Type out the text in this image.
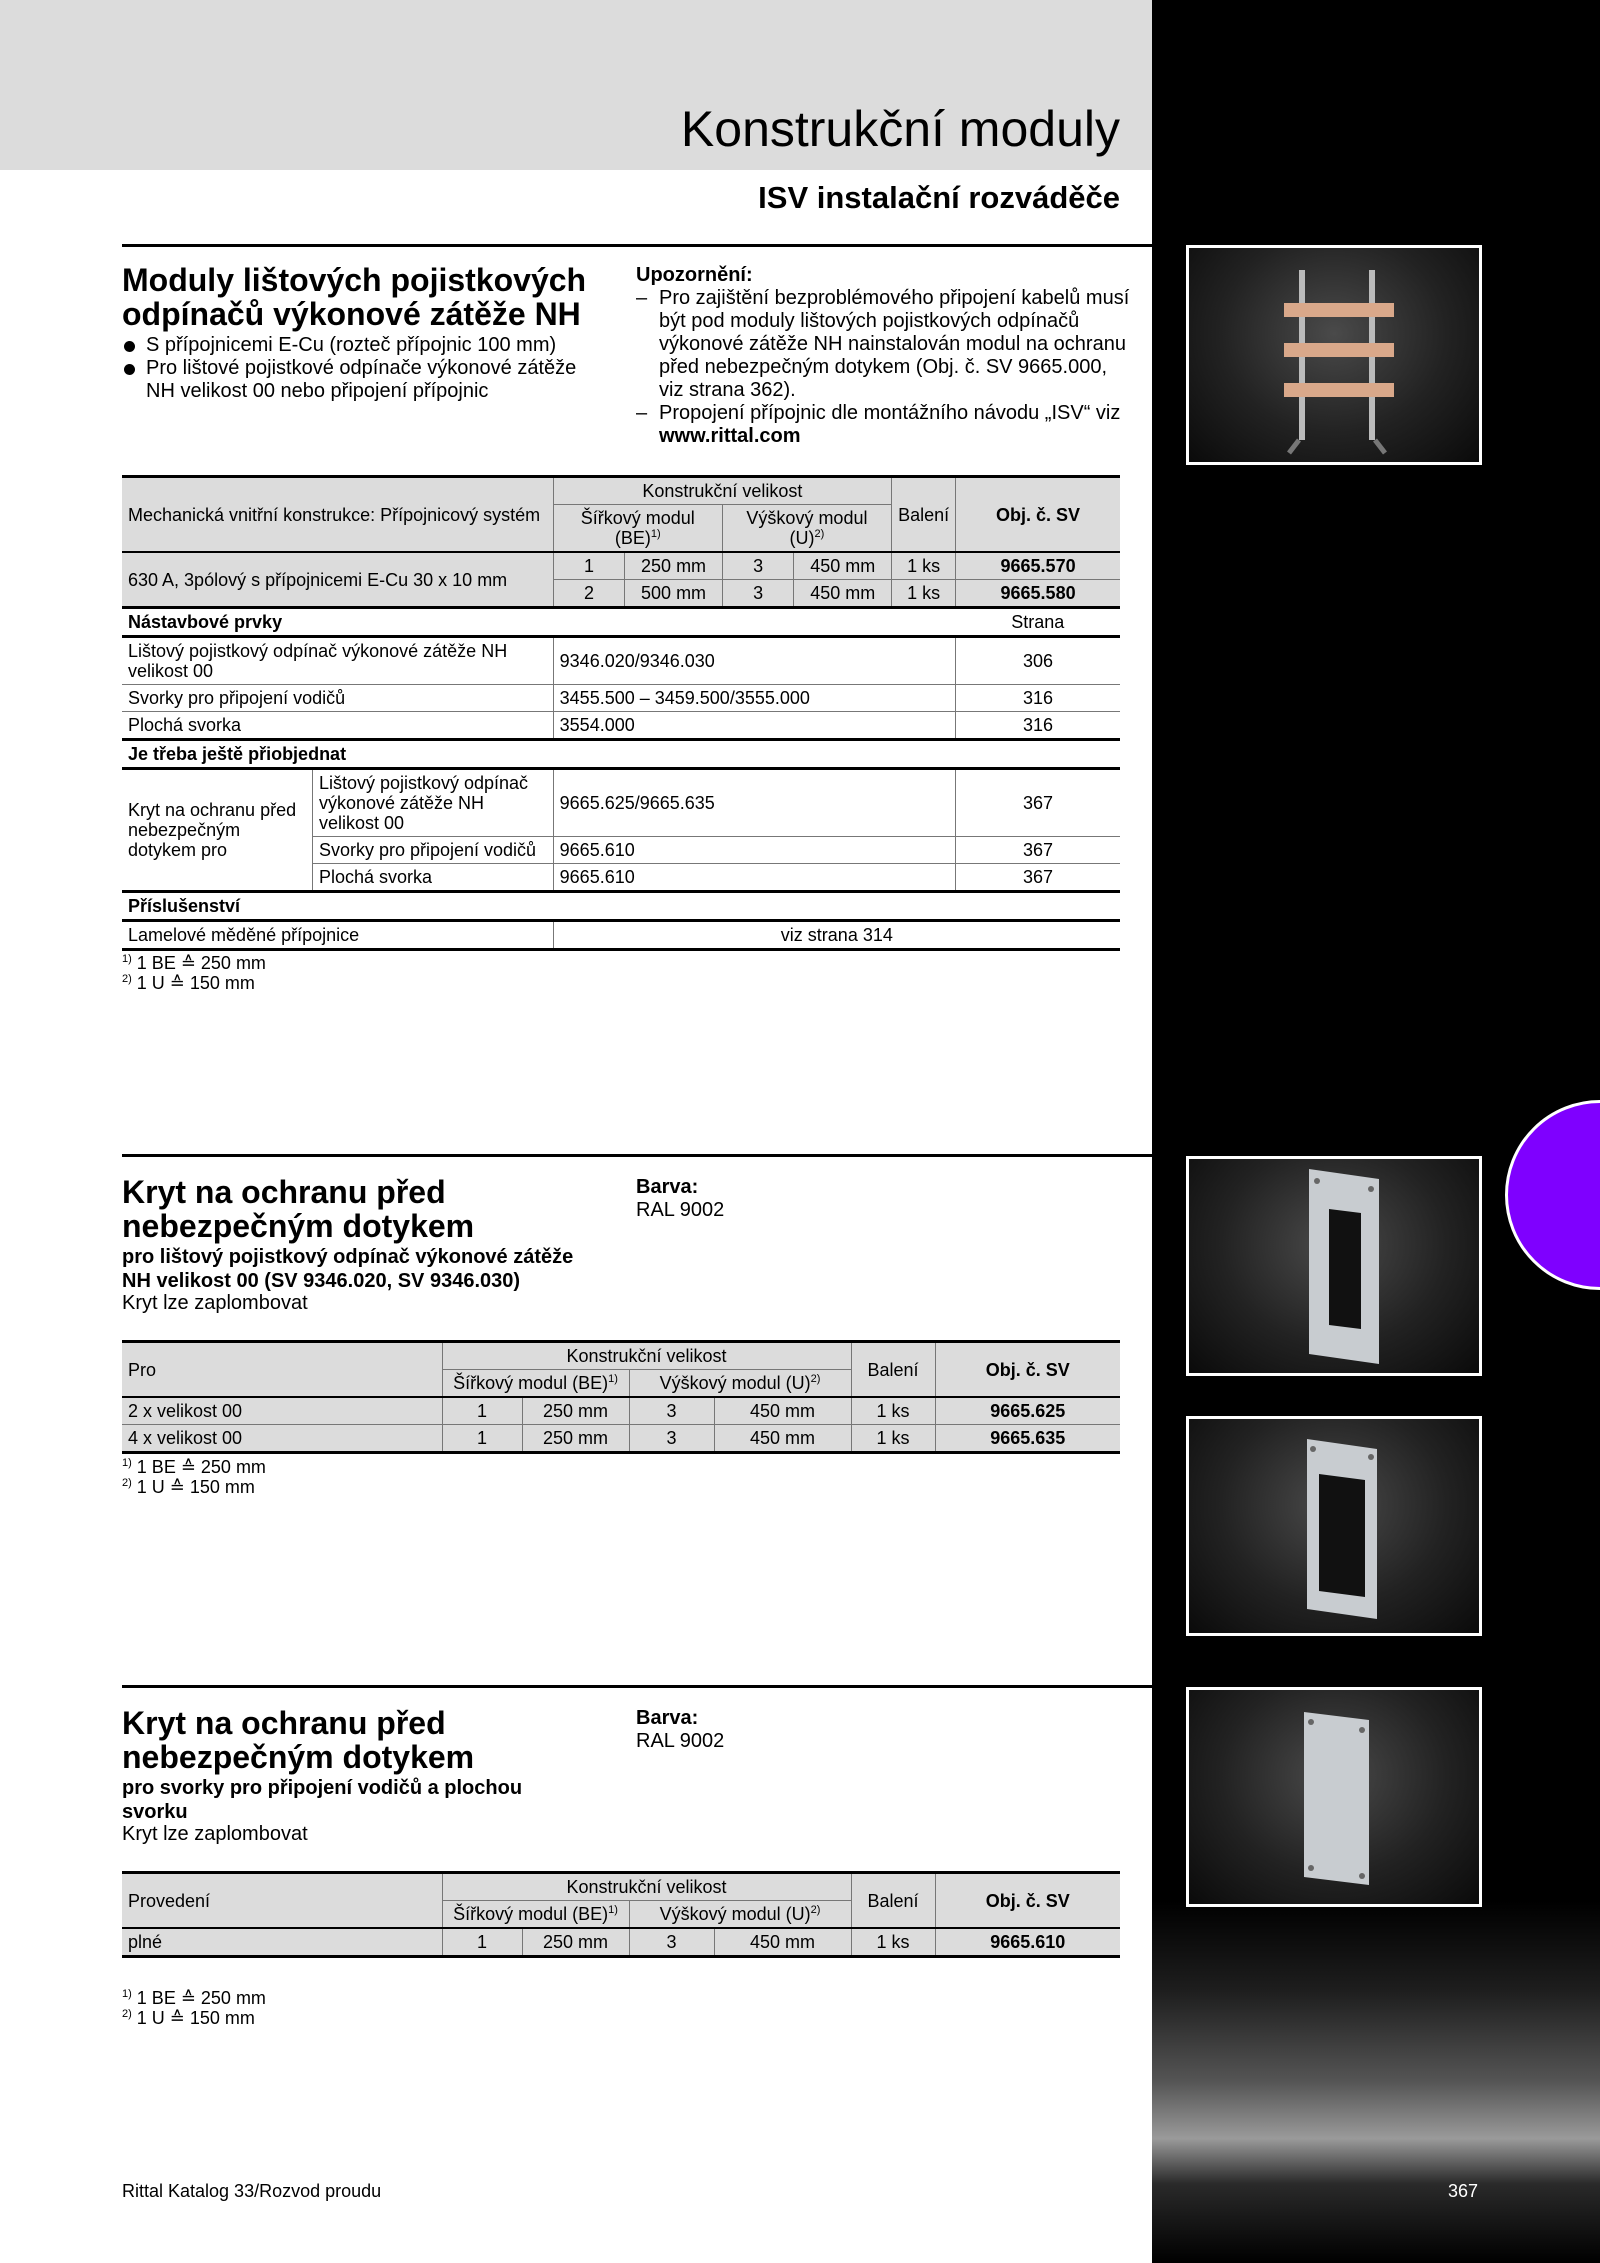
Konstrukční moduly
ISV instalační rozváděče
Moduly lištových pojistkových
odpínačů výkonové zátěže NH
S přípojnicemi E-Cu (rozteč přípojnic 100 mm)
Pro lištové pojistkové odpínače výkonové zátěže NH velikost 00 nebo připojení přípojnic
Upozornění:
– Pro zajištění bezproblémového připojení kabelů musí být pod moduly lištových pojistkových odpínačů výkonové zátěže NH nainstalován modul na ochranu před nebezpečným dotykem (Obj. č. SV 9665.000, viz strana 362).
– Propojení přípojnic dle montážního návodu „ISV“ viz www.rittal.com
Mechanická vnitřní konstrukce: Přípojnicový systém		Konstrukční velikost				Balení	Obj. č. SV
		Šířkový modul (BE)$^{1)}$		Výškový modul $(U)^{2)}$
630 A, 3pólový s přípojnicemi E-Cu 30 x 10 mm		1	250 mm	3	450 mm	1 ks	9665.570
		2	500 mm	3	450 mm	1 ks	9665.580
Nástavbové prvky							Strana
Lištový pojistkový odpínač výkonové zátěže NH velikost 00		9346.020/9346.030					306
Svorky pro připojení vodičů		3455.500 – 3459.500/3555.000					316
Plochá svorka		3554.000					316
Je třeba ještě přiobjednat							
Kryt na ochranu před nebezpečným dotykem pro	Lištový pojistkový odpínač výkonové zátěže NH velikost 00	9665.625/9665.635					367
	Svorky pro připojení vodičů	9665.610					367
	Plochá svorka	9665.610					367
Příslušenství							
Lamelové měděné přípojnice		viz strana 314					
$^{1)}$ 1 BE ≙ 250 mm
$^{2)}$ 1 U ≙ 150 mm
Kryt na ochranu před
nebezpečným dotykem
pro lištový pojistkový odpínač výkonové zátěže
NH velikost 00 (SV 9346.020, SV 9346.030)
Kryt lze zaplombovat
Barva:
RAL 9002
Pro	Konstrukční velikost				Balení	Obj. č. SV
	Šířkový modul (BE)$^{1)}$		Výškový modul $(U)^{2)}$
2 x velikost 00	1	250 mm	3	450 mm	1 ks	9665.625
4 x velikost 00	1	250 mm	3	450 mm	1 ks	9665.635
$^{1)}$ 1 BE ≙ 250 mm
$^{2)}$ 1 U ≙ 150 mm
Kryt na ochranu před
nebezpečným dotykem
pro svorky pro připojení vodičů a plochou
svorku
Kryt lze zaplombovat
Barva:
RAL 9002
Provedení	Konstrukční velikost				Balení	Obj. č. SV
	Šířkový modul (BE)$^{1)}$		Výškový modul $(U)^{2)}$
plné	1	250 mm	3	450 mm	1 ks	9665.610
$^{1)}$ 1 BE ≙ 250 mm
$^{2)}$ 1 U ≙ 150 mm
Rittal Katalog 33/Rozvod proudu	367
